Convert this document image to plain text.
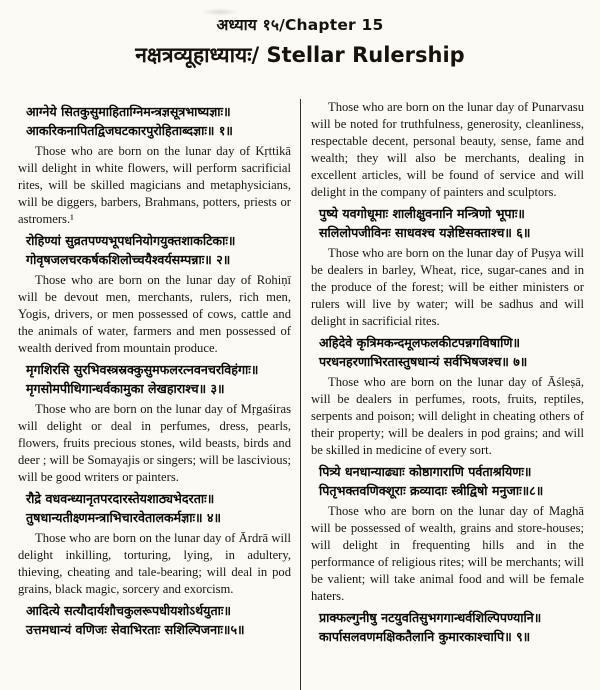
अध्याय १५/Chapter 15
नक्षत्रव्यूहाध्यायः/ Stellar Rulership
आग्नेये सितकुसुमाहिताग्निमन्त्रज्ञसूत्रभाष्यज्ञाः॥
आकरिकनापितद्विजघटकारपुरोहिताब्दज्ञाः॥ १॥

Those who are born on the lunar day of Kṛttikā will delight in white flowers, will perform sacrificial rites, will be skilled magicians and metaphysicians, will be diggers, barbers, Brahmans, potters, priests or astromers.¹

रोहिण्यां सुव्रतपण्यभूपधनियोगयुक्तशाकटिकाः॥
गोवृषजलचरकर्षकशिलोच्चयैश्वर्यसम्पन्नाः॥ २॥

Those who are born on the lunar day of Rohiṇī will be devout men, merchants, rulers, rich men, Yogis, drivers, or men possessed of cows, cattle and the animals of water, farmers and men possessed of wealth derived from mountain produce.

मृगशिरसि सुरभिवस्त्रस्रक्कुसुमफलरत्नवनचरविहंगाः॥
मृगसोमपीथिगान्धर्वकामुका लेखहाराश्च॥ ३॥

Those who are born on the lunar day of Mṛgaśiras will delight or deal in perfumes, dress, pearls, flowers, fruits precious stones, wild beasts, birds and deer ; will be Somayajis or singers; will be lascivious; will be good writers or painters.

रौद्रे वधवन्ध्यानृतपरदारस्तेयशाठ्यभेदरताः॥
तुषधान्यतीक्ष्णमन्त्राभिचारवेतालकर्मज्ञाः॥ ४॥

Those who are born on the lunar day of Ārdrā will delight inkilling, torturing, lying, in adultery, thieving, cheating and tale-bearing; will deal in pod grains, black magic, sorcery and exorcism.

आदित्ये सत्यौदार्यशौचकुलरूपधीयशोऽर्थयुताः॥
उत्तमधान्यं वणिजः सेवाभिरताः सशिल्पिजनाः॥५॥

Those who are born on the lunar day of Punarvasu will be noted for truthfulness, generosity, cleanliness, respectable decent, personal beauty, sense, fame and wealth; they will also be merchants, dealing in excellent articles, will be found of service and will delight in the company of painters and sculptors.

पुष्ये यवगोधूमाः शालीक्षुवनानि मन्त्रिणो भूपाः॥
सलिलोपजीविनः साधवश्च यज्ञेष्टिसक्ताश्च॥ ६॥

Those who are born on the lunar day of Puṣya will be dealers in barley, Wheat, rice, sugar-canes and in the produce of the forest; will be either ministers or rulers will live by water; will be sadhus and will delight in sacrificial rites.

अहिदेवे कृत्रिमकन्दमूलफलकीटपन्नगविषाणि॥
परधनहरणाभिरतास्तुषधान्यं सर्वभिषजश्च॥ ७॥

Those who are born on the lunar day of Āśleṣā, will be dealers in perfumes, roots, fruits, reptiles, serpents and poison; will delight in cheating others of their property; will be dealers in pod grains; and will be skilled in medicine of every sort.

पित्र्ये धनधान्याढ्याः कोष्ठागाराणि पर्वताश्रयिणः॥
पितृभक्तवणिक्शूराः क्रव्यादाः स्त्रीद्विषो मनुजाः॥८॥

Those who are born on the lunar day of Maghā will be possessed of wealth, grains and store-houses; will delight in frequenting hills and in the performance of religious rites; will be merchants; will be valient; will take animal food and will be female haters.

प्राक्फल्गुनीषु नटयुवतिसुभगगान्धर्वशिल्पिपण्यानि॥
कार्पासलवणमक्षिकतैलानि कुमारकाश्चापि॥ ९॥
